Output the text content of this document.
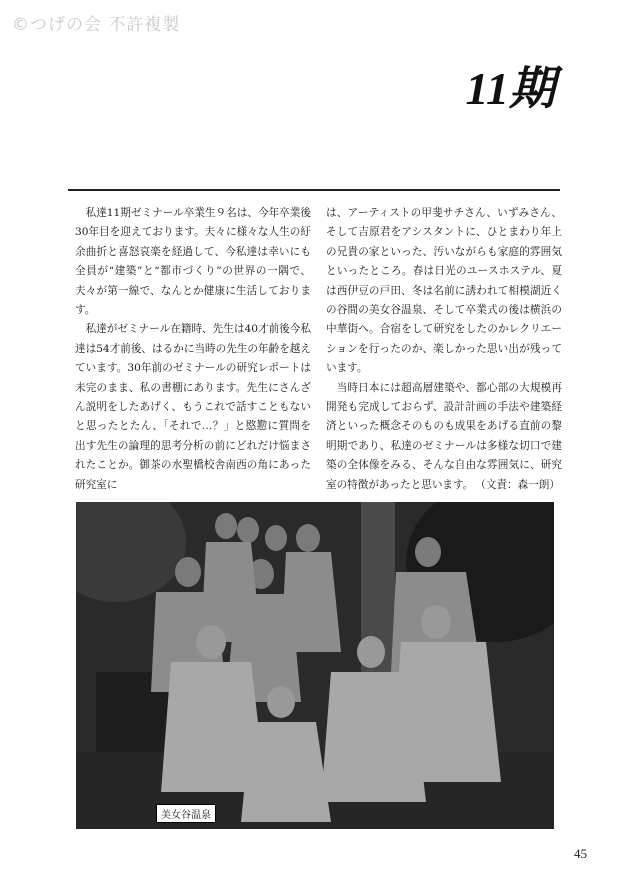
©つげの会 不許複製
11期

私達11期ゼミナール卒業生９名は、今年卒業後30年目を迎えております。夫々に様々な人生の紆余曲折と喜怒哀楽を経過して、今私達は幸いにも全員が“建築”と“都市づくり”の世界の一隅で、夫々が第一線で、なんとか健康に生活しております。

私達がゼミナール在籍時、先生は40才前後今私達は54才前後、はるかに当時の先生の年齢を越えています。30年前のゼミナールの研究レポートは未完のまま、私の書棚にあります。先生にさんざん説明をしたあげく、もうこれで話すこともないと思ったとたん、「それで…？」と愍懃に質問を出す先生の論理的思考分析の前にどれだけ悩まされたことか。御茶の水聖橋校舎南西の角にあった研究室に

は、アーティストの甲斐サチさん、いずみさん、そして吉原君をアシスタントに、ひとまわり年上の兄貴の家といった、汚いながらも家庭的雰囲気といったところ。春は日光のユースホステル、夏は西伊豆の戸田、冬は名前に誘われて相模湖近くの谷間の美女谷温泉、そして卒業式の後は横浜の中華街へ。合宿をして研究をしたのかレクリエーションを行ったのか、楽しかった思い出が残っています。

当時日本には超高層建築や、都心部の大規模再開発も完成しておらず、設計計画の手法や建築経済といった概念そのものも成果をあげる直前の黎明期であり、私達のゼミナールは多様な切口で建築の全体像をみる、そんな自由な雰囲気に、研究室の特徴があったと思います。 （文責：森一朗）
美女谷温泉
45
